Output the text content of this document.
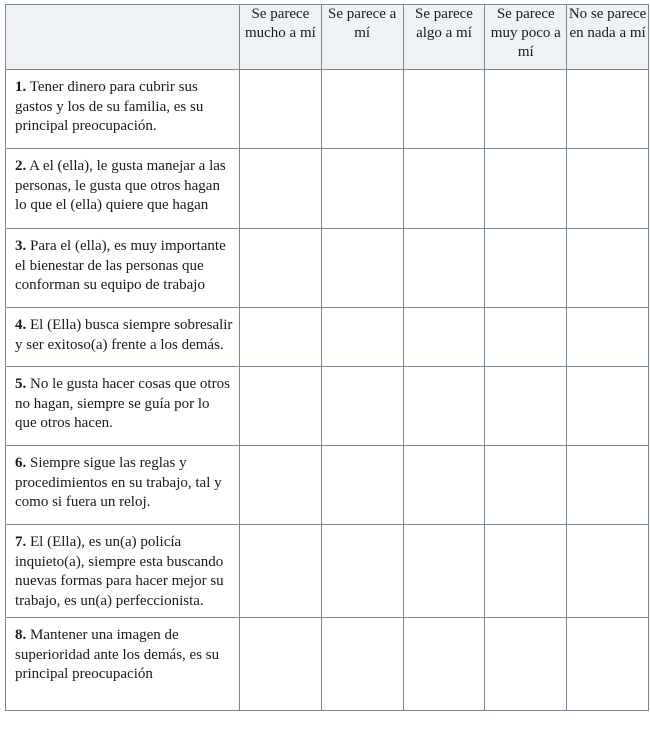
	Se parece mucho a mí	Se parece a mí	Se parece algo a mí	Se parece muy poco a mí	No se parece en nada a mí
1. Tener dinero para cubrir sus gastos y los de su familia, es su principal preocupación.					
2. A el (ella), le gusta manejar a las personas, le gusta que otros hagan lo que el (ella) quiere que hagan					
3. Para el (ella), es muy importante el bienestar de las personas que conforman su equipo de trabajo					
4. El (Ella) busca siempre sobresalir y ser exitoso(a) frente a los demás.					
5. No le gusta hacer cosas que otros no hagan, siempre se guía por lo que otros hacen.					
6. Siempre sigue las reglas y procedimientos en su trabajo, tal y como si fuera un reloj.					
7. El (Ella), es un(a) policía inquieto(a), siempre esta buscando nuevas formas para hacer mejor su trabajo, es un(a) perfeccionista.					
8. Mantener una imagen de superioridad ante los demás, es su principal preocupación					
